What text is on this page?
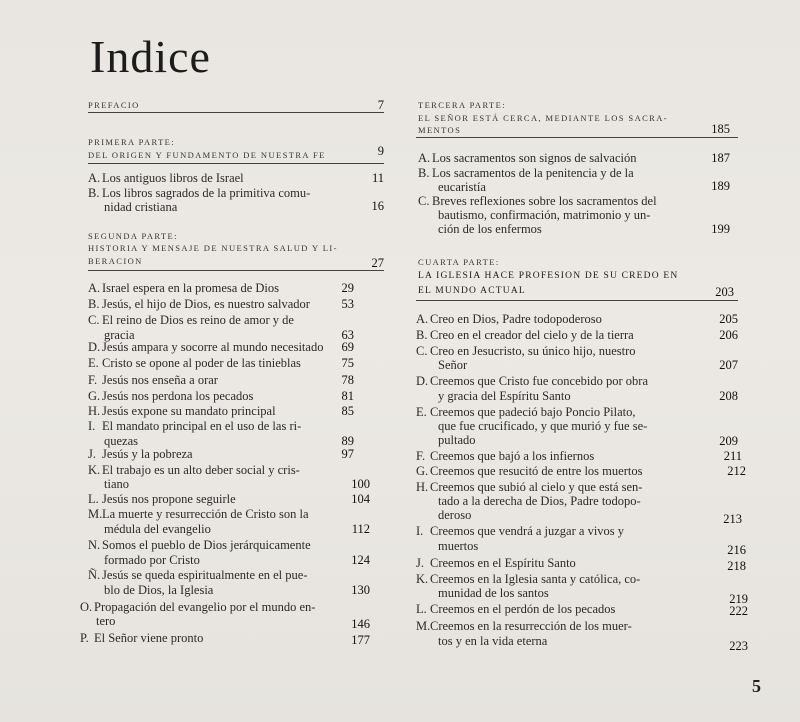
Indice
PREFACIO	7
PRIMERA PARTE:
DEL ORIGEN Y FUNDAMENTO DE NUESTRA FE	9
A. Los antiguos libros de Israel	11
B. Los libros sagrados de la primitiva comu-
nidad cristiana	16
SEGUNDA PARTE:
HISTORIA Y MENSAJE DE NUESTRA SALUD Y LI-
BERACION	27
A. Israel espera en la promesa de Dios	29
B. Jesús, el hijo de Dios, es nuestro salvador	53
C. El reino de Dios es reino de amor y de
gracia	63
D. Jesús ampara y socorre al mundo necesitado	69
E. Cristo se opone al poder de las tinieblas	75
F. Jesús nos enseña a orar	78
G. Jesús nos perdona los pecados	81
H. Jesús expone su mandato principal	85
I. El mandato principal en el uso de las ri-
quezas	89
J. Jesús y la pobreza	97
K. El trabajo es un alto deber social y cris-
tiano	100
L. Jesús nos propone seguirle	104
M.La muerte y resurrección de Cristo son la
médula del evangelio	112
N. Somos el pueblo de Dios jerárquicamente
formado por Cristo	124
Ñ. Jesús se queda espiritualmente en el pue-
blo de Dios, la Iglesia	130
O. Propagación del evangelio por el mundo en-
tero	146
P. El Señor viene pronto	177
TERCERA PARTE:
EL SEÑOR ESTÁ CERCA, MEDIANTE LOS SACRA-
MENTOS	185
A. Los sacramentos son signos de salvación	187
B. Los sacramentos de la penitencia y de la
eucaristía	189
C. Breves reflexiones sobre los sacramentos del
bautismo, confirmación, matrimonio y un-
ción de los enfermos	199
CUARTA PARTE:
LA IGLESIA HACE PROFESION DE SU CREDO EN
EL MUNDO ACTUAL	203
A. Creo en Dios, Padre todopoderoso	205
B. Creo en el creador del cielo y de la tierra	206
C. Creo en Jesucristo, su único hijo, nuestro
Señor	207
D. Creemos que Cristo fue concebido por obra
y gracia del Espíritu Santo	208
E. Creemos que padeció bajo Poncio Pilato,
que fue crucificado, y que murió y fue se-
pultado	209
F. Creemos que bajó a los infiernos	211
G. Creemos que resucitó de entre los muertos	212
H. Creemos que subió al cielo y que está sen-
tado a la derecha de Dios, Padre todopo-
deroso	213
I. Creemos que vendrá a juzgar a vivos y
muertos	216
J. Creemos en el Espíritu Santo	218
K. Creemos en la Iglesia santa y católica, co-
munidad de los santos	219
L. Creemos en el perdón de los pecados	222
M.Creemos en la resurrección de los muer-
tos y en la vida eterna	223
5
